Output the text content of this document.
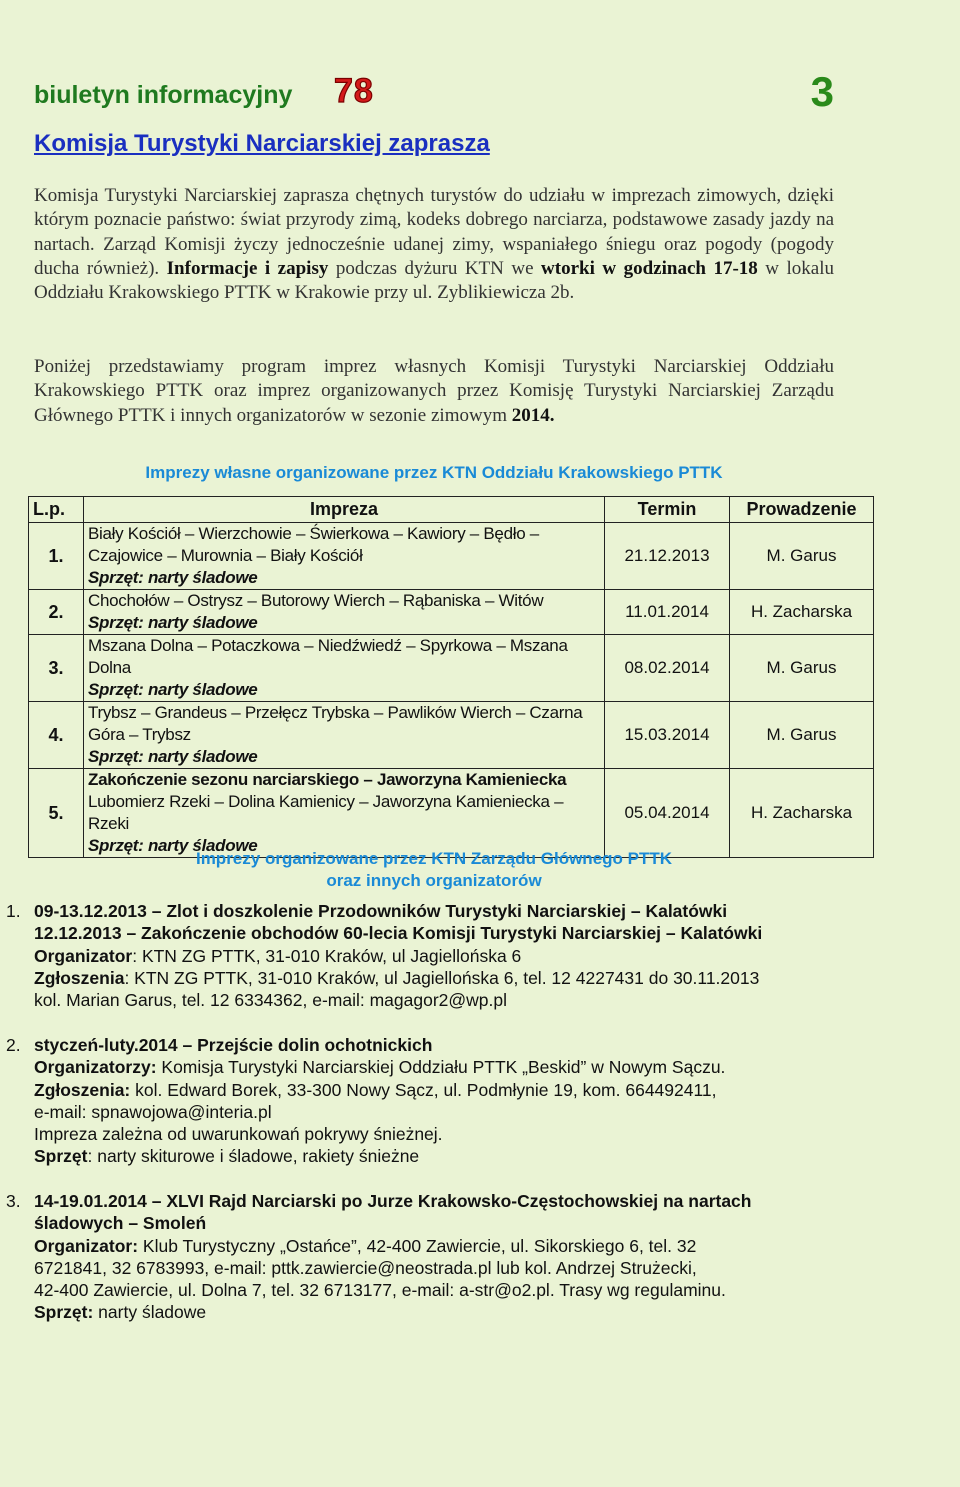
biuletyn informacyjny 78	3
Komisja Turystyki Narciarskiej zaprasza
Komisja Turystyki Narciarskiej zaprasza chętnych turystów do udziału w imprezach zimowych, dzięki którym poznacie państwo: świat przyrody zimą, kodeks dobrego narciarza, podstawowe zasady jazdy na nartach. Zarząd Komisji życzy jednocześnie udanej zimy, wspaniałego śniegu oraz pogody (pogody ducha również). Informacje i zapisy podczas dyżuru KTN we wtorki w godzinach 17-18 w lokalu Oddziału Krakowskiego PTTK w Krakowie przy ul. Zyblikiewicza 2b.
Poniżej przedstawiamy program imprez własnych Komisji Turystyki Narciarskiej Oddziału Krakowskiego PTTK oraz imprez organizowanych przez Komisję Turystyki Narciarskiej Zarządu Głównego PTTK i innych organizatorów w sezonie zimowym 2014.
Imprezy własne organizowane przez KTN Oddziału Krakowskiego PTTK
L.p.	Impreza	Termin	Prowadzenie
1.	Biały Kościół – Wierzchowie – Świerkowa – Kawiory – Będło –
Czajowice – Murownia – Biały Kościół
Sprzęt: narty śladowe	21.12.2013	M. Garus
2.	Chochołów – Ostrysz – Butorowy Wierch – Rąbaniska – Witów
Sprzęt: narty śladowe	11.01.2014	H. Zacharska
3.	Mszana Dolna – Potaczkowa – Niedźwiedź – Spyrkowa – Mszana Dolna
Sprzęt: narty śladowe	08.02.2014	M. Garus
4.	Trybsz – Grandeus – Przełęcz Trybska – Pawlików Wierch – Czarna
Góra – Trybsz
Sprzęt: narty śladowe	15.03.2014	M. Garus
5.	Zakończenie sezonu narciarskiego – Jaworzyna Kamieniecka
Lubomierz Rzeki – Dolina Kamienicy – Jaworzyna Kamieniecka – Rzeki
Sprzęt: narty śladowe	05.04.2014	H. Zacharska
Imprezy organizowane przez KTN Zarządu Głównego PTTK
oraz innych organizatorów
1. 09-13.12.2013 – Zlot i doszkolenie Przodowników Turystyki Narciarskiej – Kalatówki
12.12.2013 – Zakończenie obchodów 60-lecia Komisji Turystyki Narciarskiej – Kalatówki
Organizator: KTN ZG PTTK, 31-010 Kraków, ul Jagiellońska 6
Zgłoszenia: KTN ZG PTTK, 31-010 Kraków, ul Jagiellońska 6, tel. 12 4227431 do 30.11.2013
kol. Marian Garus, tel. 12 6334362, e-mail: magagor2@wp.pl
2. styczeń-luty.2014 – Przejście dolin ochotnickich
Organizatorzy: Komisja Turystyki Narciarskiej Oddziału PTTK „Beskid” w Nowym Sączu.
Zgłoszenia: kol. Edward Borek, 33-300 Nowy Sącz, ul. Podmłynie 19, kom. 664492411,
e-mail: spnawojowa@interia.pl
Impreza zależna od uwarunkowań pokrywy śnieżnej.
Sprzęt: narty skiturowe i śladowe, rakiety śnieżne
3. 14-19.01.2014 – XLVI Rajd Narciarski po Jurze Krakowsko-Częstochowskiej na nartach
śladowych – Smoleń
Organizator: Klub Turystyczny „Ostańce”, 42-400 Zawiercie, ul. Sikorskiego 6, tel. 32
6721841, 32 6783993, e-mail: pttk.zawiercie@neostrada.pl lub kol. Andrzej Strużecki,
42-400 Zawiercie, ul. Dolna 7, tel. 32 6713177, e-mail: a-str@o2.pl. Trasy wg regulaminu.
Sprzęt: narty śladowe
